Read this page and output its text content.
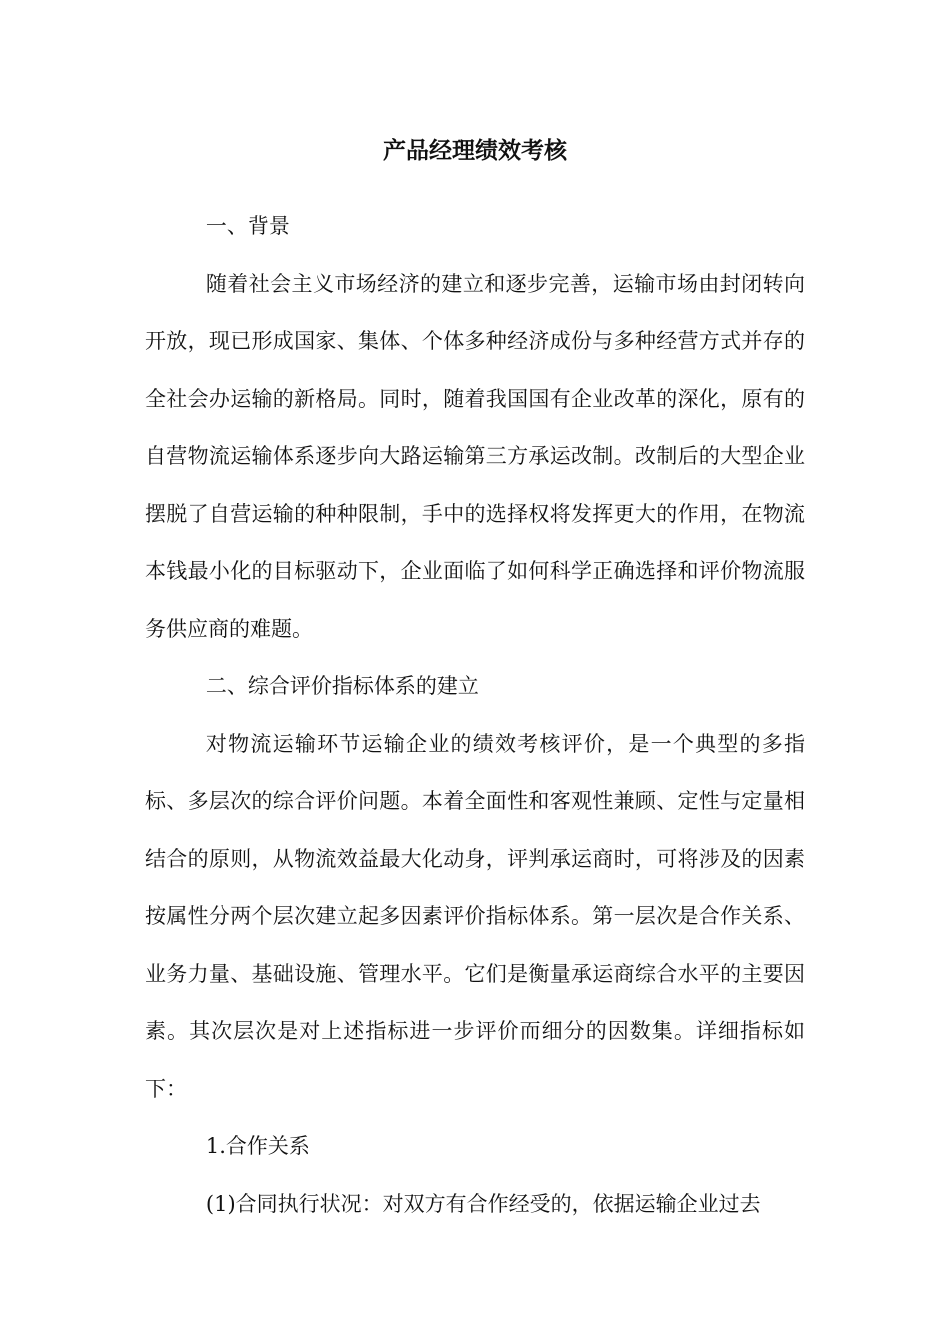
产品经理绩效考核

一、背景

随着社会主义市场经济的建立和逐步完善，运输市场由封闭转向开放，现已形成国家、集体、个体多种经济成份与多种经营方式并存的全社会办运输的新格局。同时，随着我国国有企业改革的深化，原有的自营物流运输体系逐步向大路运输第三方承运改制。改制后的大型企业摆脱了自营运输的种种限制，手中的选择权将发挥更大的作用，在物流本钱最小化的目标驱动下，企业面临了如何科学正确选择和评价物流服务供应商的难题。

二、综合评价指标体系的建立

对物流运输环节运输企业的绩效考核评价，是一个典型的多指标、多层次的综合评价问题。本着全面性和客观性兼顾、定性与定量相结合的原则，从物流效益最大化动身，评判承运商时，可将涉及的因素按属性分两个层次建立起多因素评价指标体系。第一层次是合作关系、业务力量、基础设施、管理水平。它们是衡量承运商综合水平的主要因素。其次层次是对上述指标进一步评价而细分的因数集。详细指标如下：

1.合作关系

(1)合同执行状况：对双方有合作经受的，依据运输企业过去
